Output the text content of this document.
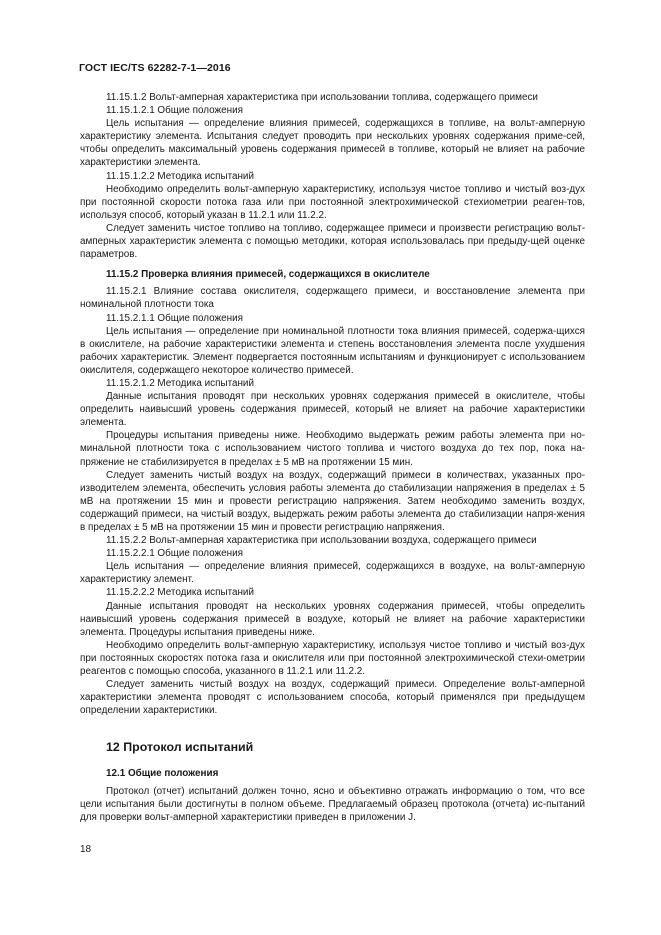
ГОСТ IEC/TS 62282-7-1—2016

11.15.1.2 Вольт-амперная характеристика при использовании топлива, содержащего примеси

11.15.1.2.1 Общие положения

Цель испытания — определение влияния примесей, содержащихся в топливе, на вольт-амперную характеристику элемента. Испытания следует проводить при нескольких уровнях содержания приме-сей, чтобы определить максимальный уровень содержания примесей в топливе, который не влияет на рабочие характеристики элемента.

11.15.1.2.2 Методика испытаний

Необходимо определить вольт-амперную характеристику, используя чистое топливо и чистый воз-дух при постоянной скорости потока газа или при постоянной электрохимической стехиометрии реаген-тов, используя способ, который указан в 11.2.1 или 11.2.2.

Следует заменить чистое топливо на топливо, содержащее примеси и произвести регистрацию вольт-амперных характеристик элемента с помощью методики, которая использовалась при предыду-щей оценке параметров.

11.15.2 Проверка влияния примесей, содержащихся в окислителе

11.15.2.1 Влияние состава окислителя, содержащего примеси, и восстановление элемента при номинальной плотности тока

11.15.2.1.1 Общие положения

Цель испытания — определение при номинальной плотности тока влияния примесей, содержа-щихся в окислителе, на рабочие характеристики элемента и степень восстановления элемента после ухудшения рабочих характеристик. Элемент подвергается постоянным испытаниям и функционирует с использованием окислителя, содержащего некоторое количество примесей.

11.15.2.1.2 Методика испытаний

Данные испытания проводят при нескольких уровнях содержания примесей в окислителе, чтобы определить наивысший уровень содержания примесей, который не влияет на рабочие характеристики элемента.

Процедуры испытания приведены ниже. Необходимо выдержать режим работы элемента при но-минальной плотности тока с использованием чистого топлива и чистого воздуха до тех пор, пока на-пряжение не стабилизируется в пределах ± 5 мВ на протяжении 15 мин.

Следует заменить чистый воздух на воздух, содержащий примеси в количествах, указанных про-изводителем элемента, обеспечить условия работы элемента до стабилизации напряжения в пределах ± 5 мВ на протяжении 15 мин и провести регистрацию напряжения. Затем необходимо заменить воздух, содержащий примеси, на чистый воздух, выдержать режим работы элемента до стабилизации напря-жения в пределах ± 5 мВ на протяжении 15 мин и провести регистрацию напряжения.

11.15.2.2 Вольт-амперная характеристика при использовании воздуха, содержащего примеси

11.15.2.2.1 Общие положения

Цель испытания — определение влияния примесей, содержащихся в воздухе, на вольт-амперную характеристику элемент.

11.15.2.2.2 Методика испытаний

Данные испытания проводят на нескольких уровнях содержания примесей, чтобы определить наивысший уровень содержания примесей в воздухе, который не влияет на рабочие характеристики элемента. Процедуры испытания приведены ниже.

Необходимо определить вольт-амперную характеристику, используя чистое топливо и чистый воз-дух при постоянных скоростях потока газа и окислителя или при постоянной электрохимической стехи-ометрии реагентов с помощью способа, указанного в 11.2.1 или 11.2.2.

Следует заменить чистый воздух на воздух, содержащий примеси. Определение вольт-амперной характеристики элемента проводят с использованием способа, который применялся при предыдущем определении характеристики.

12 Протокол испытаний

12.1 Общие положения

Протокол (отчет) испытаний должен точно, ясно и объективно отражать информацию о том, что все цели испытания были достигнуты в полном объеме. Предлагаемый образец протокола (отчета) ис-пытаний для проверки вольт-амперной характеристики приведен в приложении J.

18
